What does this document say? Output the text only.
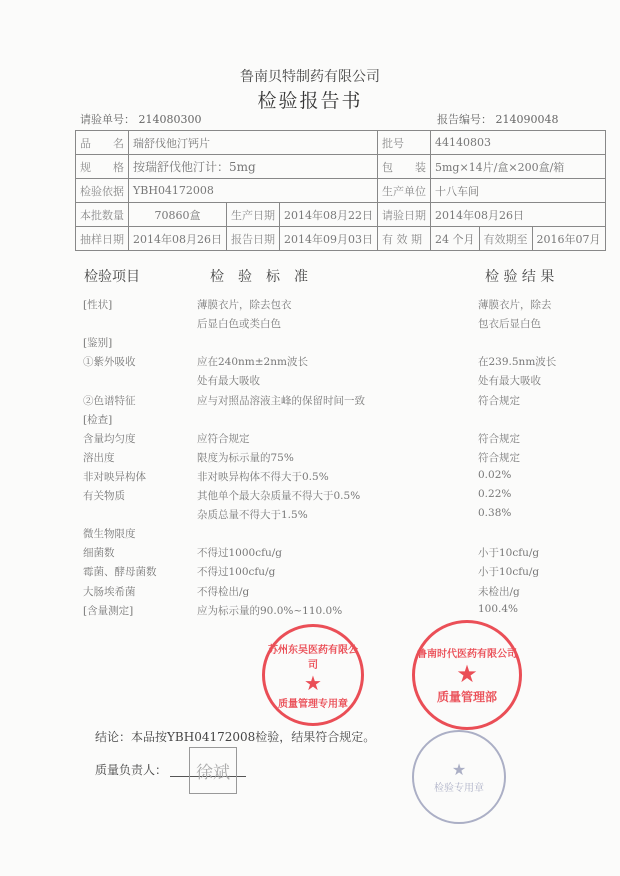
鲁南贝特制药有限公司
检验报告书
请验单号： 214080300	报告编号： 214090048
品　　名	瑞舒伐他汀钙片			批号	44140803		
规　　格	按瑞舒伐他汀计：5mg			包　　装	5mg×14片/盒×200盒/箱		
检验依据	YBH04172008			生产单位	十八车间		
本批数量	70860盒	生产日期	2014年08月22日	请验日期	2014年08月26日		
抽样日期	2014年08月26日	报告日期	2014年09月03日	有 效 期	24 个月	有效期至	2016年07月
检验项目	检　验　标　准	检 验 结 果
[性状]	薄膜衣片，除去包衣	薄膜衣片，除去
后显白色或类白色	包衣后显白色
[鉴别]
①紫外吸收	应在240nm±2nm波长	在239.5nm波长
处有最大吸收	处有最大吸收
②色谱特征	应与对照品溶液主峰的保留时间一致	符合规定
[检查]
含量均匀度	应符合规定	符合规定
溶出度	限度为标示量的75%	符合规定
非对映异构体	非对映异构体不得大于0.5%	0.02%
有关物质	其他单个最大杂质量不得大于0.5%	0.22%
杂质总量不得大于1.5%	0.38%
微生物限度
细菌数	不得过1000cfu/g	小于10cfu/g
霉菌、酵母菌数	不得过100cfu/g	小于10cfu/g
大肠埃希菌	不得检出/g	未检出/g
[含量测定]	应为标示量的90.0%~110.0%	100.4%
苏州东吴医药有限公司
★
质量管理专用章
鲁南时代医药有限公司
★
质量管理部
★
检验专用章
结论：本品按YBH04172008检验，结果符合规定。
质量负责人：	徐斌
